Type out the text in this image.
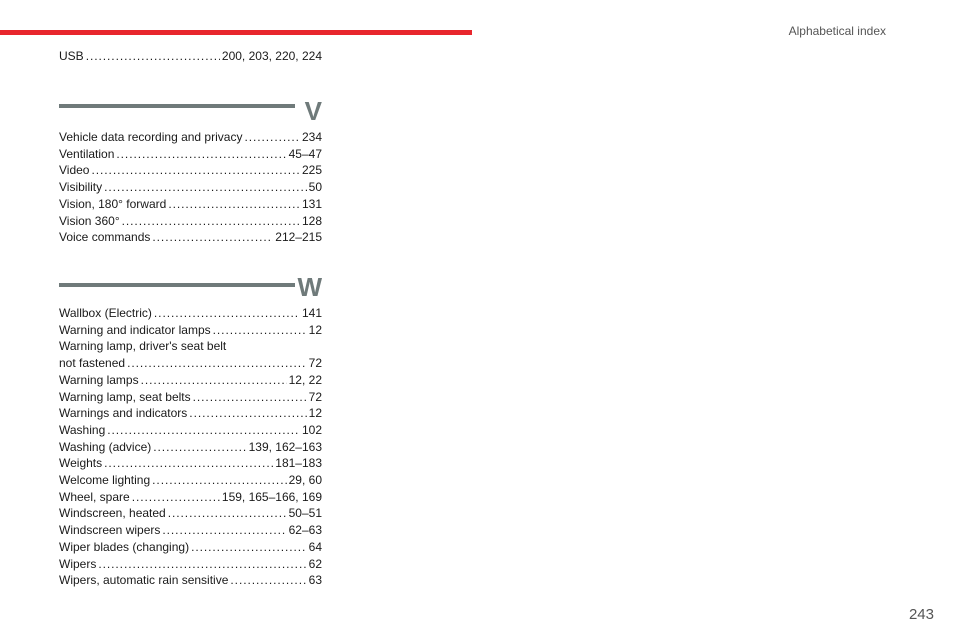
Alphabetical index
USB . . .	200, 203, 220, 224
V
Vehicle data recording and privacy . . .	234
Ventilation . . .	45–47
Video . . .	225
Visibility . . .	50
Vision, 180° forward . . .	131
Vision 360° . . .	128
Voice commands . . .	212–215
W
Wallbox (Electric) . . .	141
Warning and indicator lamps . . .	12
Warning lamp, driver's seat belt
not fastened . . .	72
Warning lamps . . .	12, 22
Warning lamp, seat belts . . .	72
Warnings and indicators . . .	12
Washing . . .	102
Washing (advice) . . .	139, 162–163
Weights . . .	181–183
Welcome lighting . . .	29, 60
Wheel, spare . . .	159, 165–166, 169
Windscreen, heated . . .	50–51
Windscreen wipers . . .	62–63
Wiper blades (changing) . . .	64
Wipers . . .	62
Wipers, automatic rain sensitive . . .	63
243
